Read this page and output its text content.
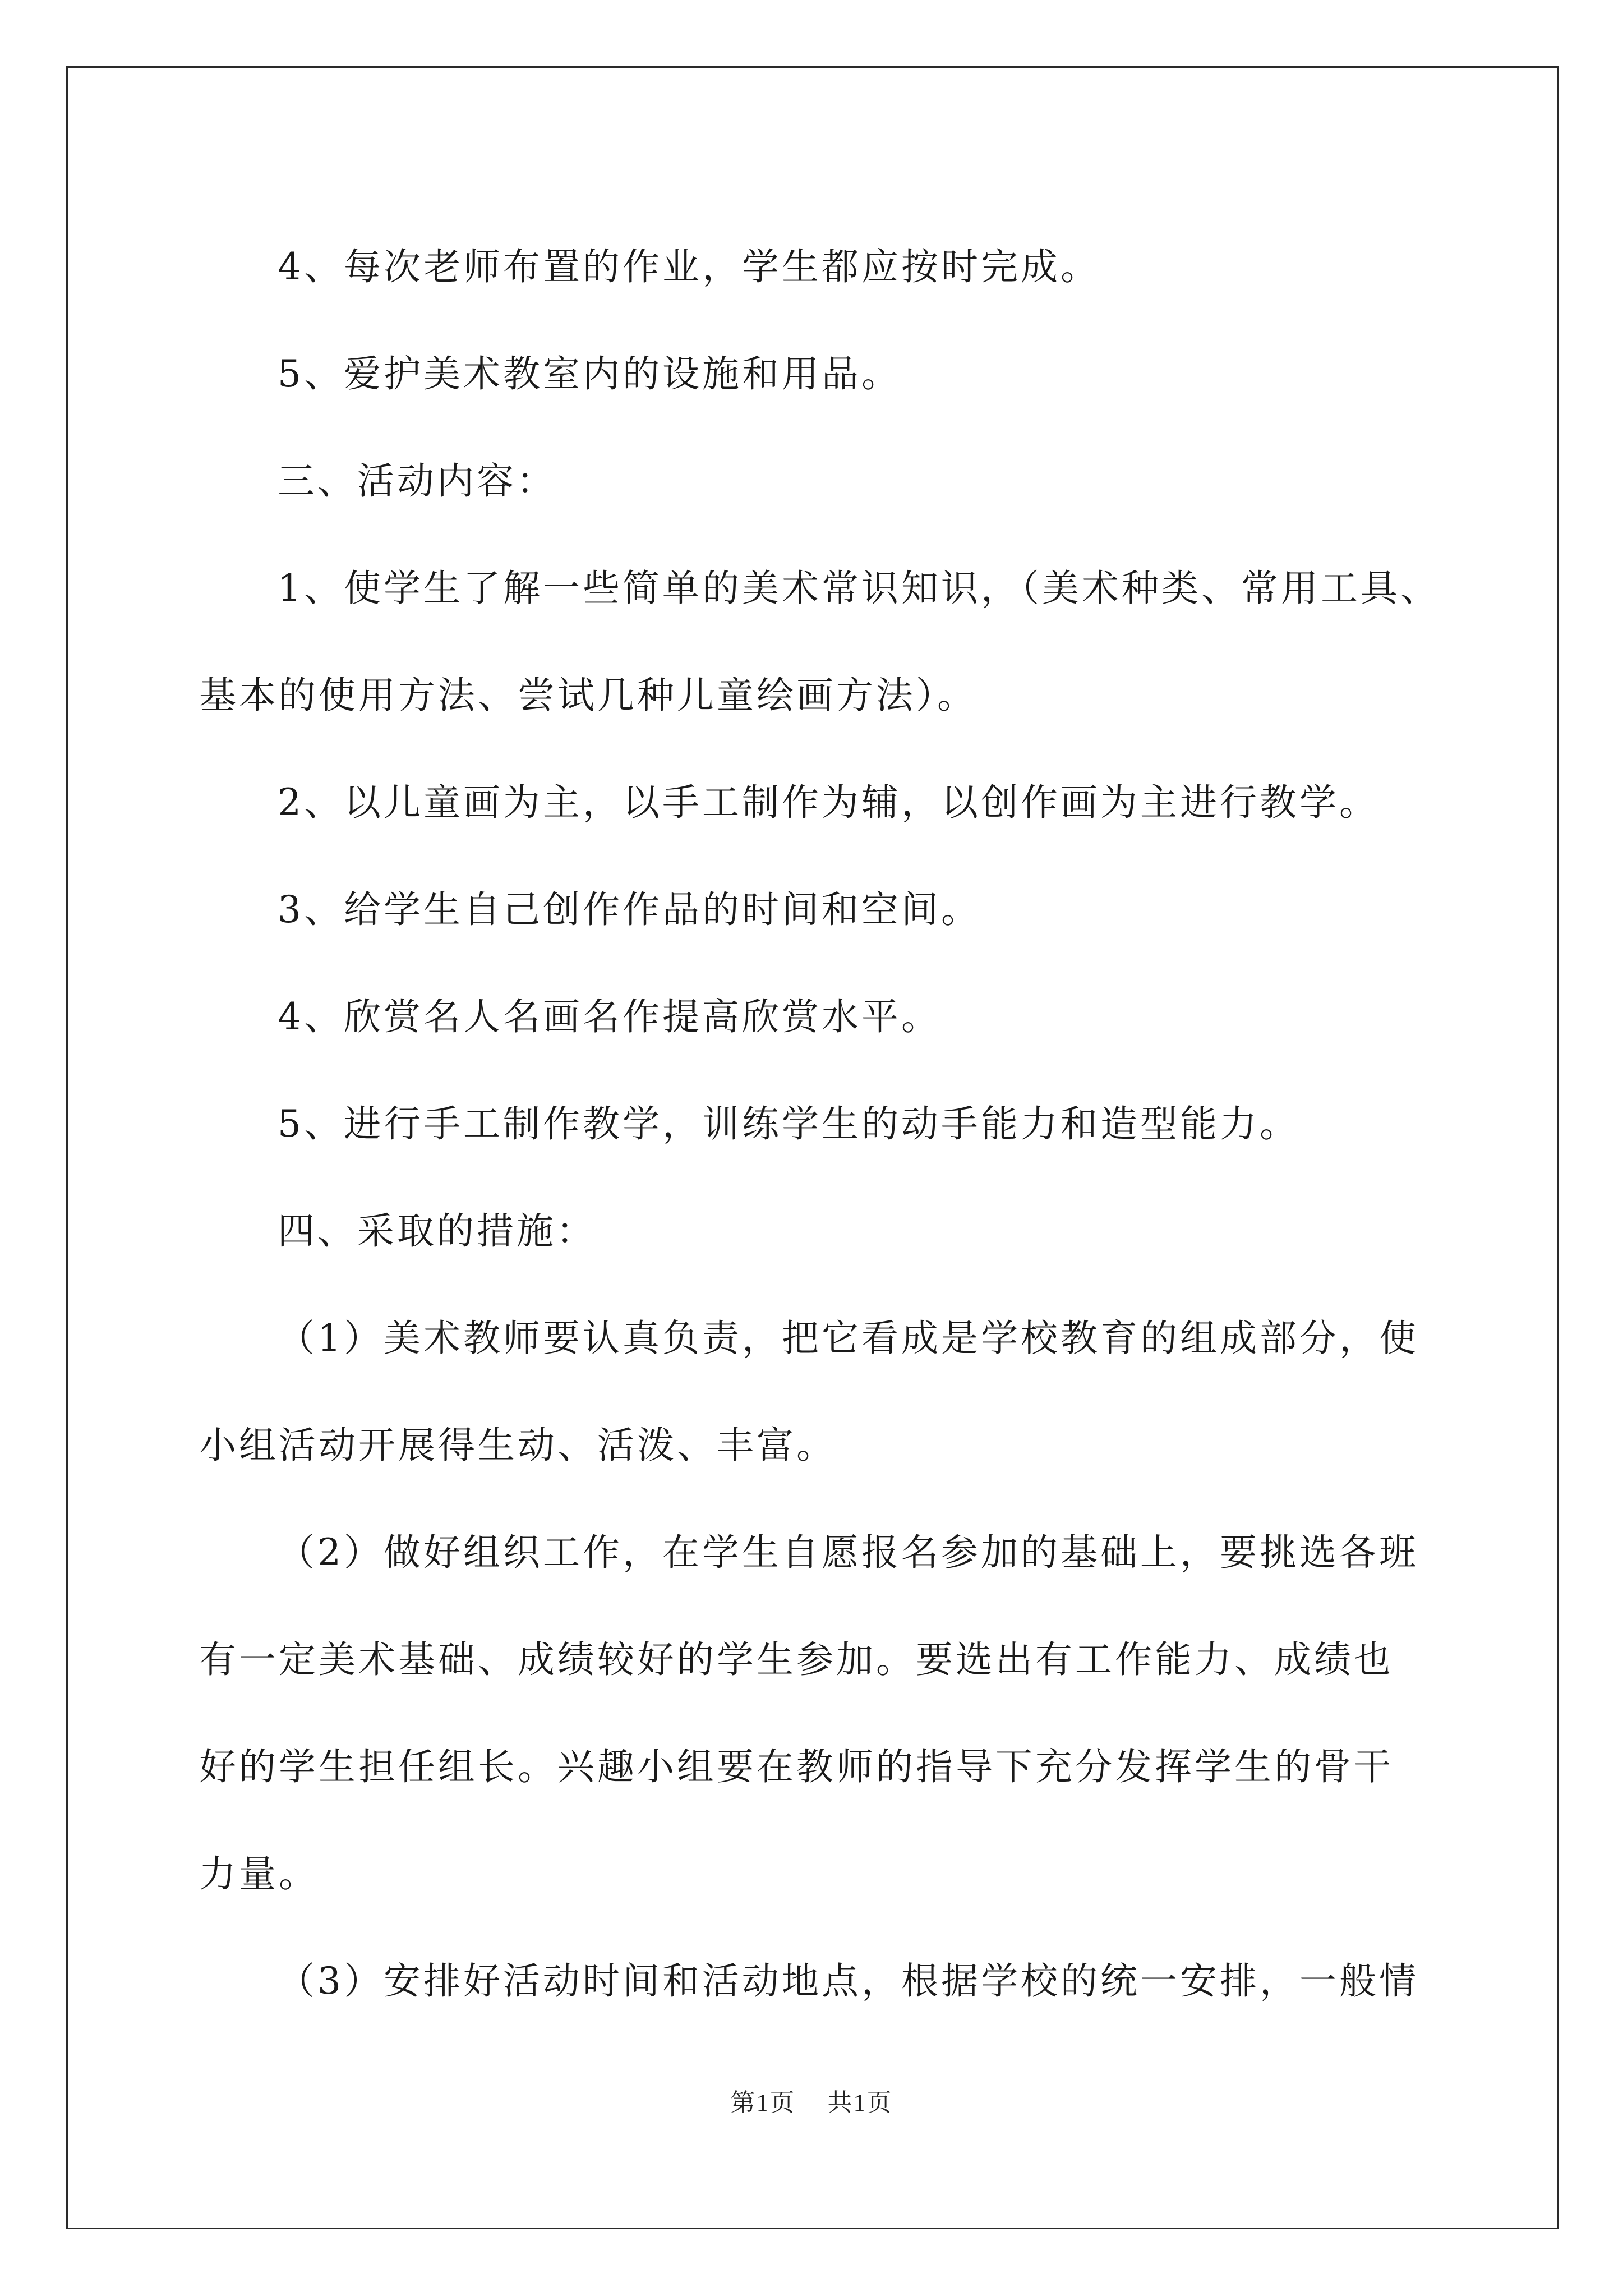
4、每次老师布置的作业，学生都应按时完成。

5、爱护美术教室内的设施和用品。

三、活动内容：

1、使学生了解一些简单的美术常识知识，（美术种类、常用工具、

基本的使用方法、尝试几种儿童绘画方法）。

2、以儿童画为主，以手工制作为辅，以创作画为主进行教学。

3、给学生自己创作作品的时间和空间。

4、欣赏名人名画名作提高欣赏水平。

5、进行手工制作教学，训练学生的动手能力和造型能力。

四、采取的措施：

（1）美术教师要认真负责，把它看成是学校教育的组成部分，使

小组活动开展得生动、活泼、丰富。

（2）做好组织工作，在学生自愿报名参加的基础上，要挑选各班

有一定美术基础、成绩较好的学生参加。要选出有工作能力、成绩也

好的学生担任组长。兴趣小组要在教师的指导下充分发挥学生的骨干

力量。

（3）安排好活动时间和活动地点，根据学校的统一安排，一般情

第1页 共1页
